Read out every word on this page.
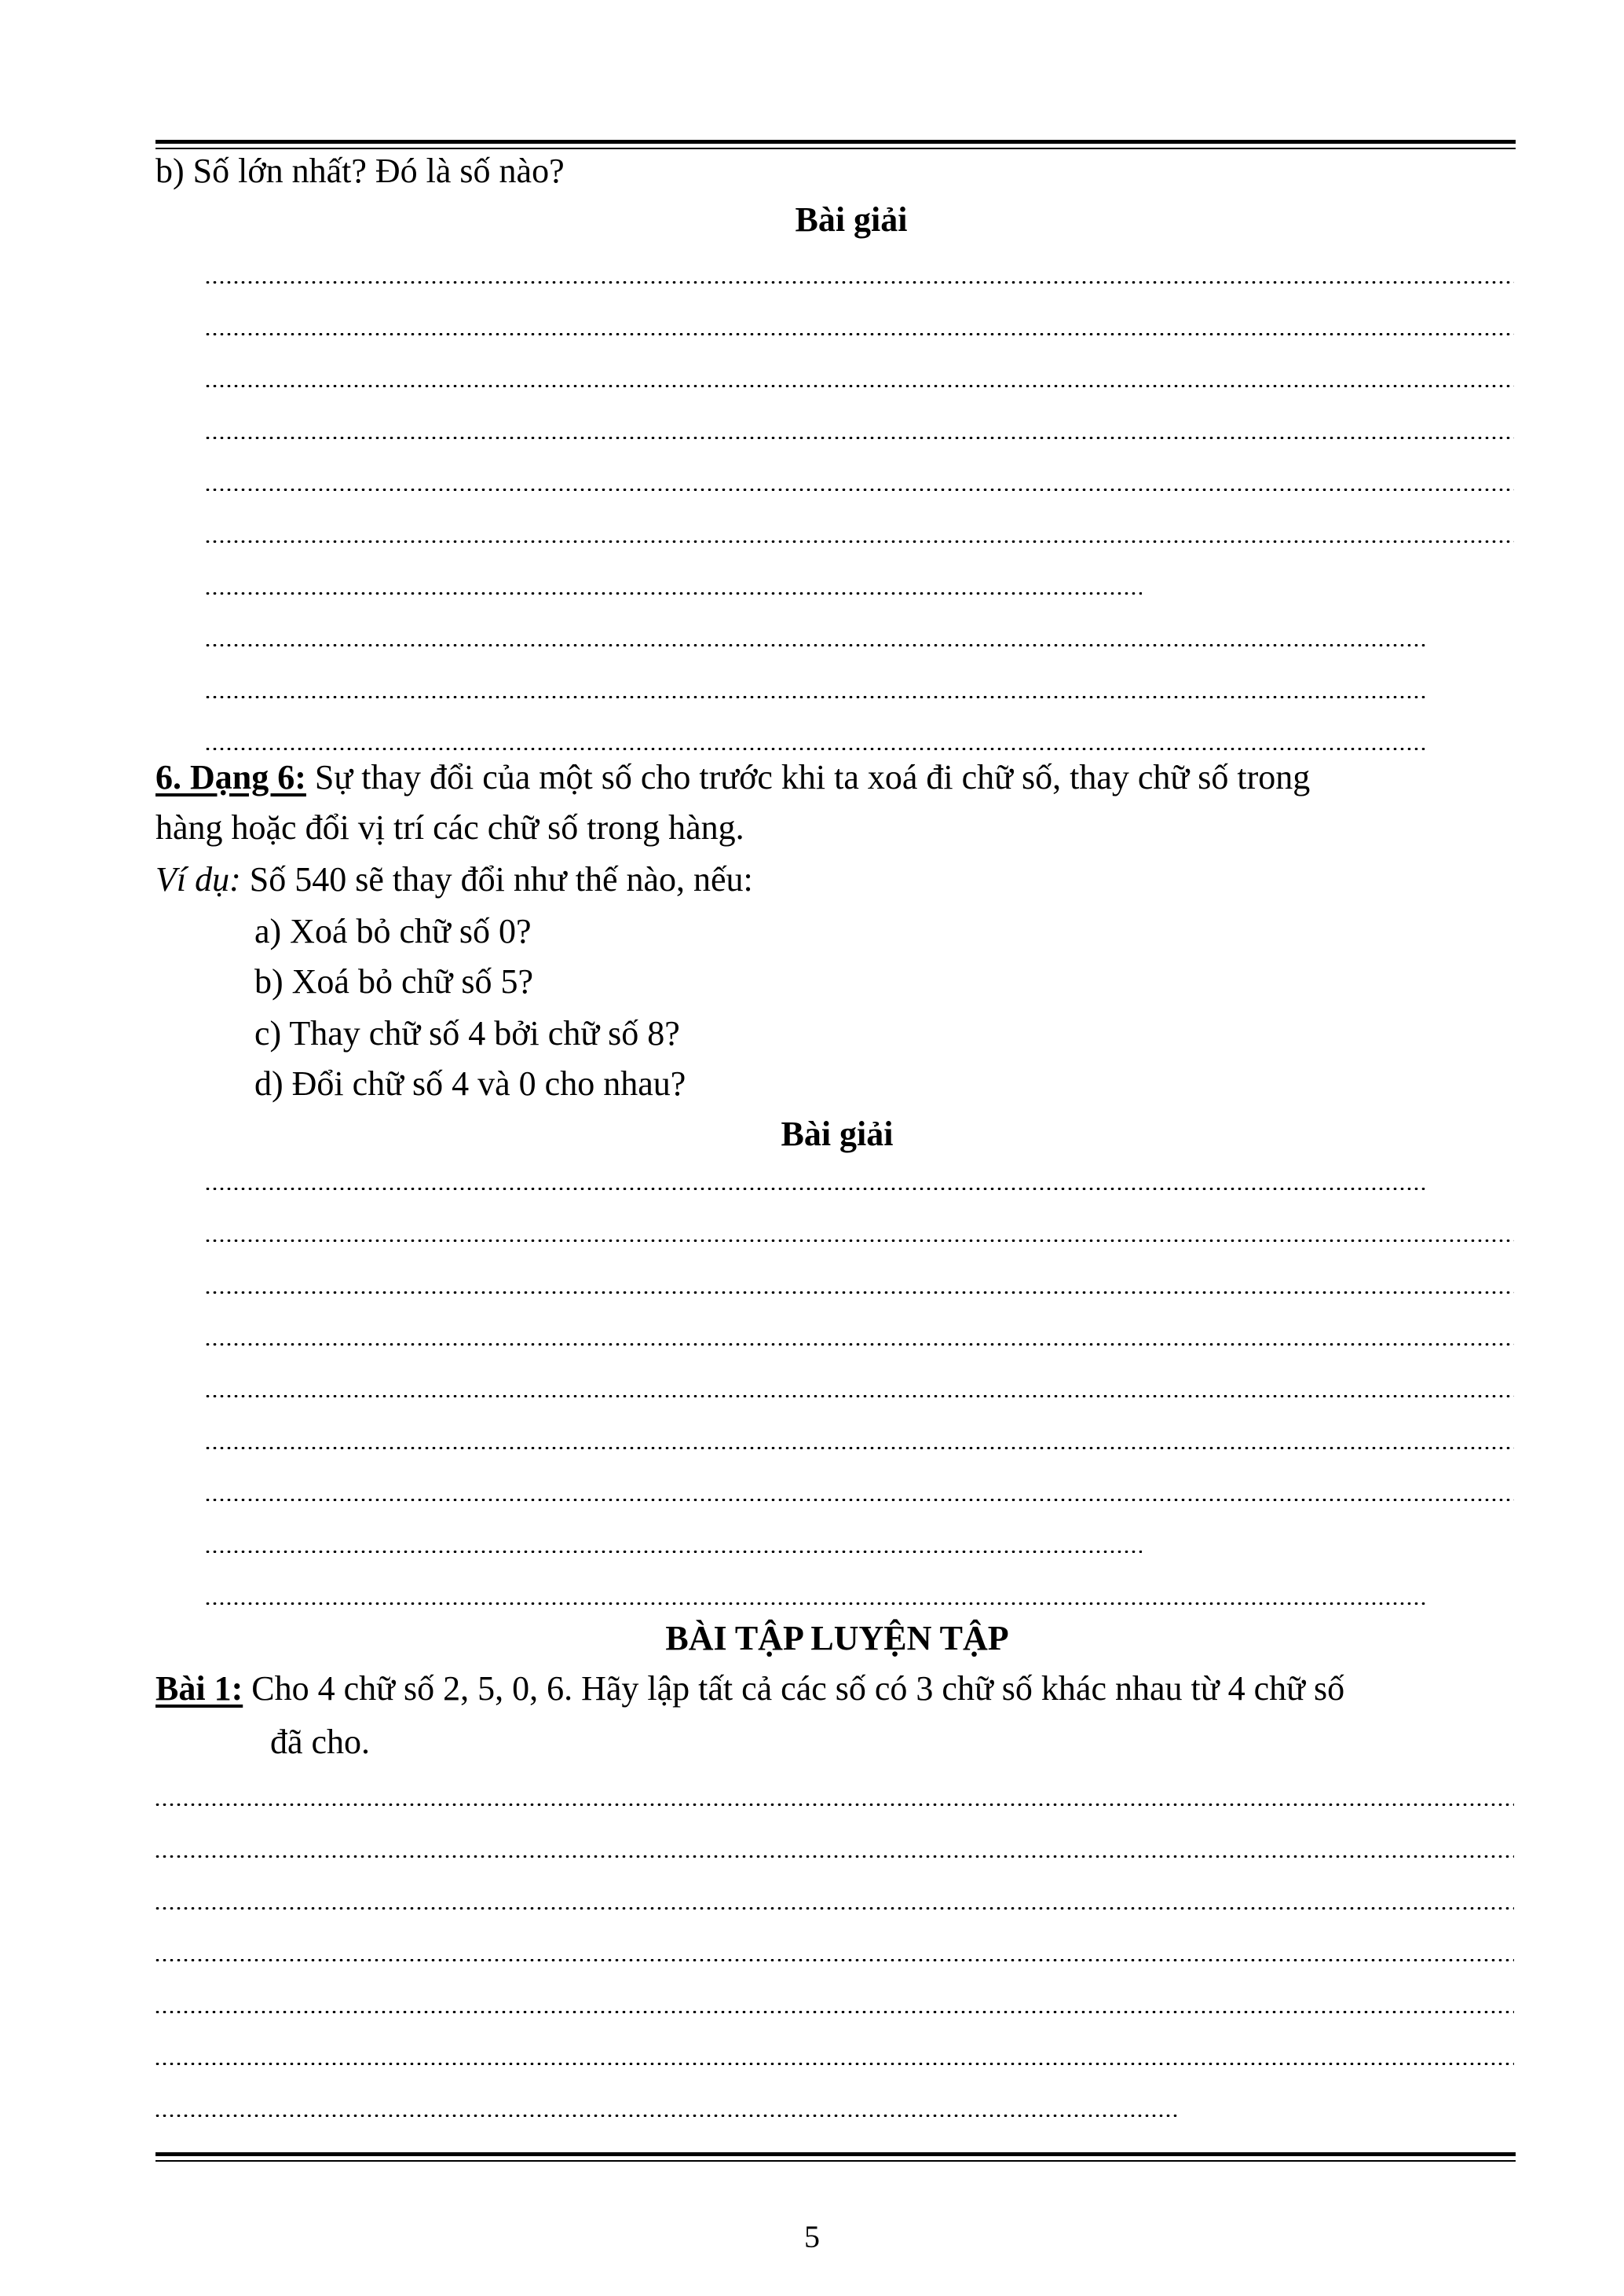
b) Số lớn nhất? Đó là số nào?
Bài giải
6. Dạng 6: Sự thay đổi của một số cho trước khi ta xoá đi chữ số, thay chữ số trong
hàng hoặc đổi vị trí các chữ số trong hàng.
Ví dụ: Số 540 sẽ thay đổi như thế nào, nếu:
a) Xoá bỏ chữ số 0?
b) Xoá bỏ chữ số 5?
c) Thay chữ số 4 bởi chữ số 8?
d) Đổi chữ số 4 và 0 cho nhau?
Bài giải
BÀI TẬP LUYỆN TẬP
Bài 1: Cho 4 chữ số 2, 5, 0, 6. Hãy lập tất cả các số có 3 chữ số khác nhau từ 4 chữ số
đã cho.
5
